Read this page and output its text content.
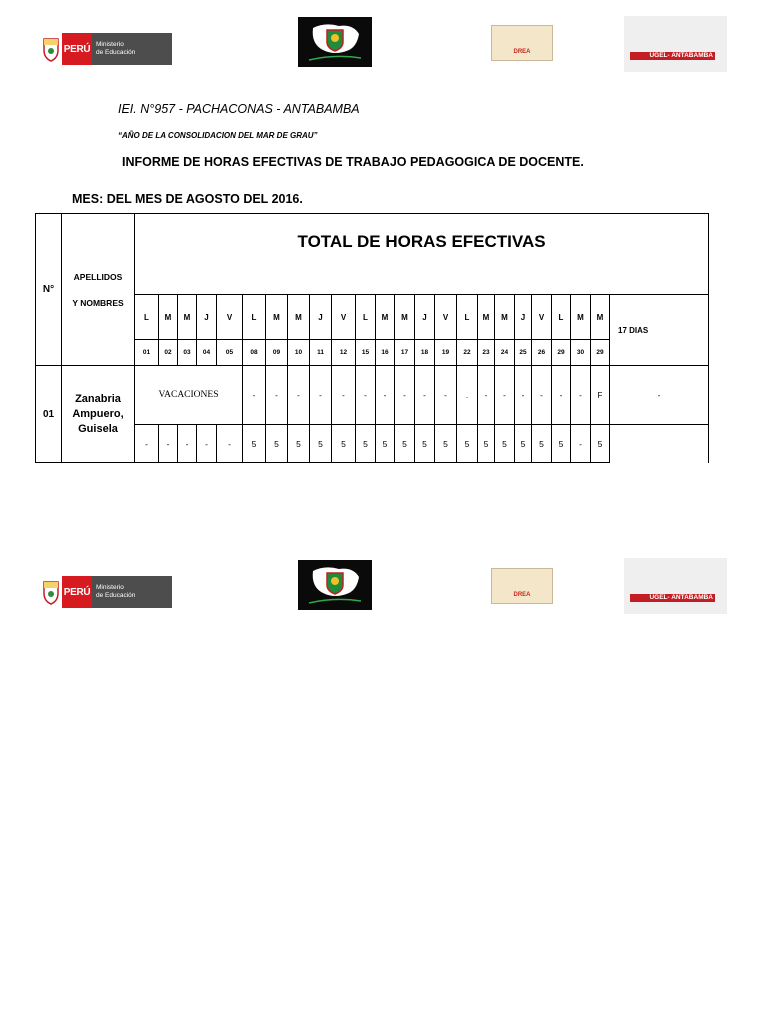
PERÚ Ministerio
de Educación	DREA	UGEL- ANTABAMBA
IEI. N°957 - PACHACONAS - ANTABAMBA
“AÑO DE LA CONSOLIDACION DEL MAR DE GRAU”
INFORME DE HORAS EFECTIVAS DE TRABAJO PEDAGOGICA DE DOCENTE.
MES: DEL MES DE AGOSTO DEL 2016.
N°	APELLIDOS
Y NOMBRES	TOTAL DE HORAS EFECTIVAS																								
		L	M	M	J	V	L	M	M	J	V	L	M	M	J	V	L	M	M	J	V	L	M	M	17 DIAS	
		01	02	03	04	05	08	09	10	11	12	15	16	17	18	19	22	23	24	25	26	29	30	29		
01	Zanabria Ampuero, Guisela	VACACIONES					-	-	-	-	-	-	-	-	-	-	.	-	-	-	-	-	-	F	-	
		-	-	-	-	-	5	5	5	5	5	5	5	5	5	5	5	5	5	5	5	5	-	5		
PERÚ Ministerio
de Educación	DREA	UGEL- ANTABAMBA
